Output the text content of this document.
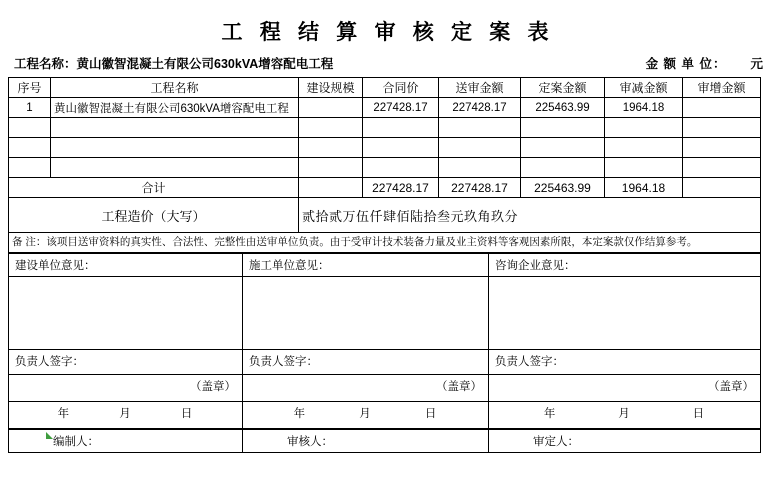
工 程 结 算 审 核 定 案 表
工程名称：黄山徽智混凝土有限公司630kVA增容配电工程	金 额 单 位： 元
序号	工程名称	建设规模	合同价	送审金额	定案金额	审减金额	审增金额
1	黄山徽智混凝土有限公司630kVA增容配电工程		227428.17	227428.17	225463.99	1964.18	

合计			227428.17	227428.17	225463.99	1964.18	
工程造价（大写）		贰拾贰万伍仟肆佰陆拾叁元玖角玖分					
备 注：该项目送审资料的真实性、合法性、完整性由送审单位负责。由于受审计技术装备力量及业主资料等客观因素所限，本定案款仅作结算参考。							
建设单位意见：	施工单位意见：	咨询企业意见：

负责人签字：	负责人签字：	负责人签字：
（盖章）	（盖章）	（盖章）

年 月 日	年 月 日	年 月 日
编制人：	审核人：	审定人：
